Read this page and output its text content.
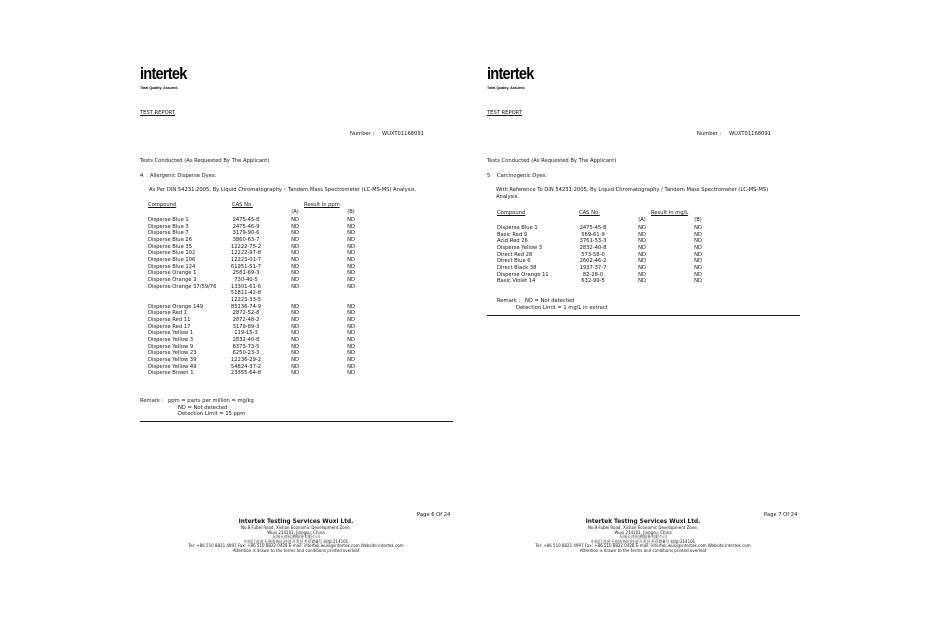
intertek
Total Quality. Assured.
TEST REPORT
Number : WUXT01168091
Tests Conducted (As Requested By The Applicant)
4 Allergenic Disperse Dyes:
As Per DIN 54231:2005, By Liquid Chromatography – Tandem Mass Spectrometer (LC-MS-MS) Analysis.
Compound	CAS No.	Result In ppm
(A)	(B)
Disperse Blue 1	2475-45-8	ND	ND
Disperse Blue 3	2475-46-9	ND	ND
Disperse Blue 7	3179-90-6	ND	ND
Disperse Blue 26	3860-63-7	ND	ND
Disperse Blue 35	12222-75-2	ND	ND
Disperse Blue 102	12222-97-8	ND	ND
Disperse Blue 106	12223-01-7	ND	ND
Disperse Blue 124	61951-51-7	ND	ND
Disperse Orange 1	2581-69-3	ND	ND
Disperse Orange 3	730-40-5	ND	ND
Disperse Orange 37/59/76	13301-61-6	ND	ND
51811-42-8
12223-33-5
Disperse Orange 149	85136-74-9	ND	ND
Disperse Red 1	2872-52-8	ND	ND
Disperse Red 11	2872-48-2	ND	ND
Disperse Red 17	3179-89-3	ND	ND
Disperse Yellow 1	119-15-3	ND	ND
Disperse Yellow 3	2832-40-8	ND	ND
Disperse Yellow 9	6373-73-5	ND	ND
Disperse Yellow 23	6250-23-3	ND	ND
Disperse Yellow 39	12236-29-2	ND	ND
Disperse Yellow 49	54824-37-2	ND	ND
Disperse Brown 1	23355-64-8	ND	ND
Remark : ppm = parts per million = mg/kg
ND = Not detected
Detection Limit = 15 ppm
Page 6 Of 24
Intertek Testing Services Wuxi Ltd.
No.8 Fubei Road, Xishan Economic Development Zone,
Wuxi 214101, Jiangsu, China
无锡天祥检测服务有限公司
中国江苏省无锡市锡山经济开发区芙蓓路8号 邮编:214101
Tel: +86 510 8821 4997 Fax: +86 510 8822 0428 E-mail: intertek.wuxi@intertek.com Website:intertek.com
Attention is drawn to the terms and conditions printed overleaf
intertek
Total Quality. Assured.
TEST REPORT
Number : WUXT01168091
Tests Conducted (As Requested By The Applicant)
5 Carcinogenic Dyes:
With Reference To DIN 54231:2005, By Liquid Chromatography / Tandem Mass Spectrometer (LC-MS-MS)
Analysis.
Compound	CAS No.	Result In mg/L
(A)	(B)
Disperse Blue 1	2475-45-8	ND	ND
Basic Red 9	569-61-9	ND	ND
Acid Red 26	3761-53-3	ND	ND
Disperse Yellow 3	2832-40-8	ND	ND
Direct Red 28	573-58-0	ND	ND
Direct Blue 6	2602-46-2	ND	ND
Direct Black 38	1937-37-7	ND	ND
Disperse Orange 11	82-28-0	ND	ND
Basic Violet 14	632-99-5	ND	ND
Remark : ND = Not detected
Detection Limit = 1 mg/L in extract
Page 7 Of 24
Intertek Testing Services Wuxi Ltd.
No.8 Fubei Road, Xishan Economic Development Zone,
Wuxi 214101, Jiangsu, China
无锡天祥检测服务有限公司
中国江苏省无锡市锡山经济开发区芙蓓路8号 邮编:214101
Tel: +86 510 8821 4997 Fax: +86 510 8822 0428 E-mail: intertek.wuxi@intertek.com Website:intertek.com
Attention is drawn to the terms and conditions printed overleaf
